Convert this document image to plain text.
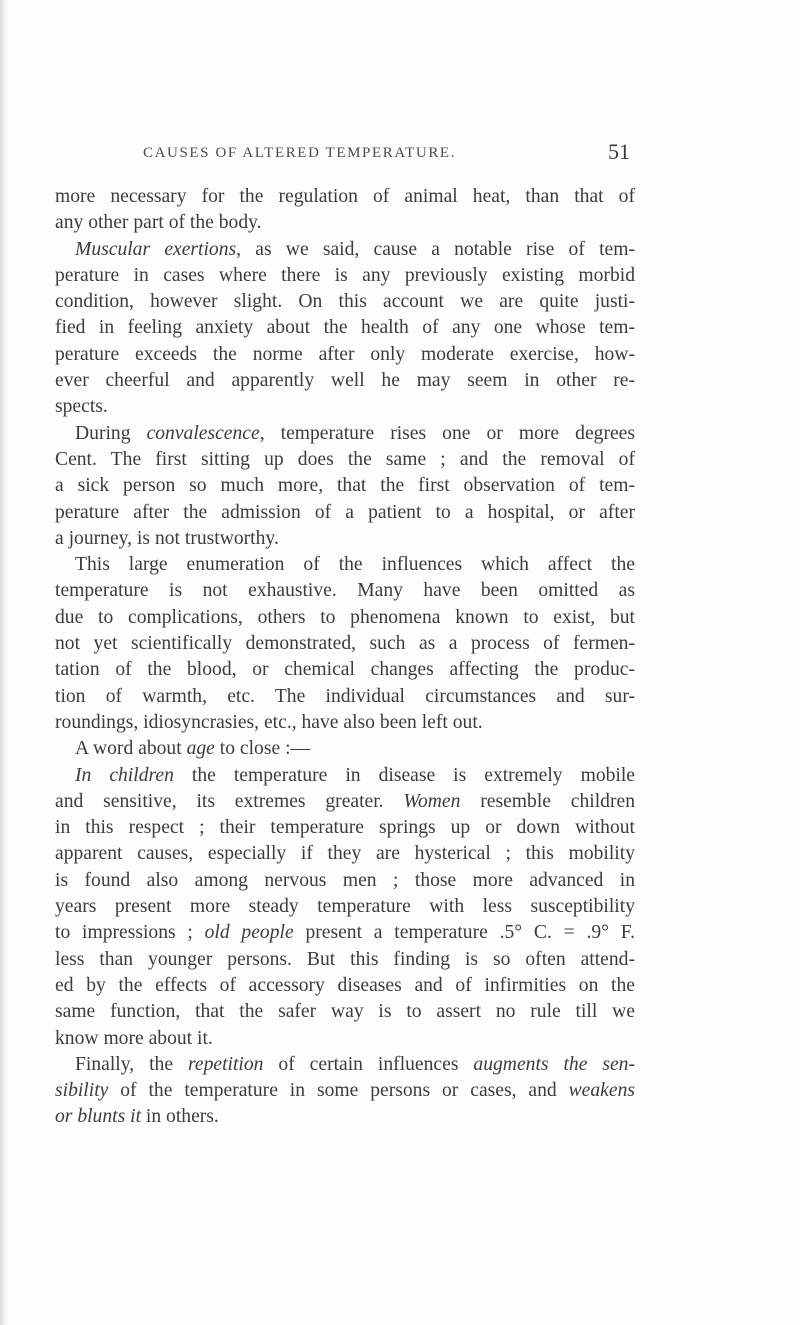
CAUSES OF ALTERED TEMPERATURE.	51
more necessary for the regulation of animal heat, than that of
any other part of the body.
Muscular exertions, as we said, cause a notable rise of tem-
perature in cases where there is any previously existing morbid
condition, however slight. On this account we are quite justi-
fied in feeling anxiety about the health of any one whose tem-
perature exceeds the norme after only moderate exercise, how-
ever cheerful and apparently well he may seem in other re-
spects.
During convalescence, temperature rises one or more degrees
Cent. The first sitting up does the same ; and the removal of
a sick person so much more, that the first observation of tem-
perature after the admission of a patient to a hospital, or after
a journey, is not trustworthy.
This large enumeration of the influences which affect the
temperature is not exhaustive. Many have been omitted as
due to complications, others to phenomena known to exist, but
not yet scientifically demonstrated, such as a process of fermen-
tation of the blood, or chemical changes affecting the produc-
tion of warmth, etc. The individual circumstances and sur-
roundings, idiosyncrasies, etc., have also been left out.
A word about age to close :—
In children the temperature in disease is extremely mobile
and sensitive, its extremes greater. Women resemble children
in this respect ; their temperature springs up or down without
apparent causes, especially if they are hysterical ; this mobility
is found also among nervous men ; those more advanced in
years present more steady temperature with less susceptibility
to impressions ; old people present a temperature .5° C. = .9° F.
less than younger persons. But this finding is so often attend-
ed by the effects of accessory diseases and of infirmities on the
same function, that the safer way is to assert no rule till we
know more about it.
Finally, the repetition of certain influences augments the sen-
sibility of the temperature in some persons or cases, and weakens
or blunts it in others.
